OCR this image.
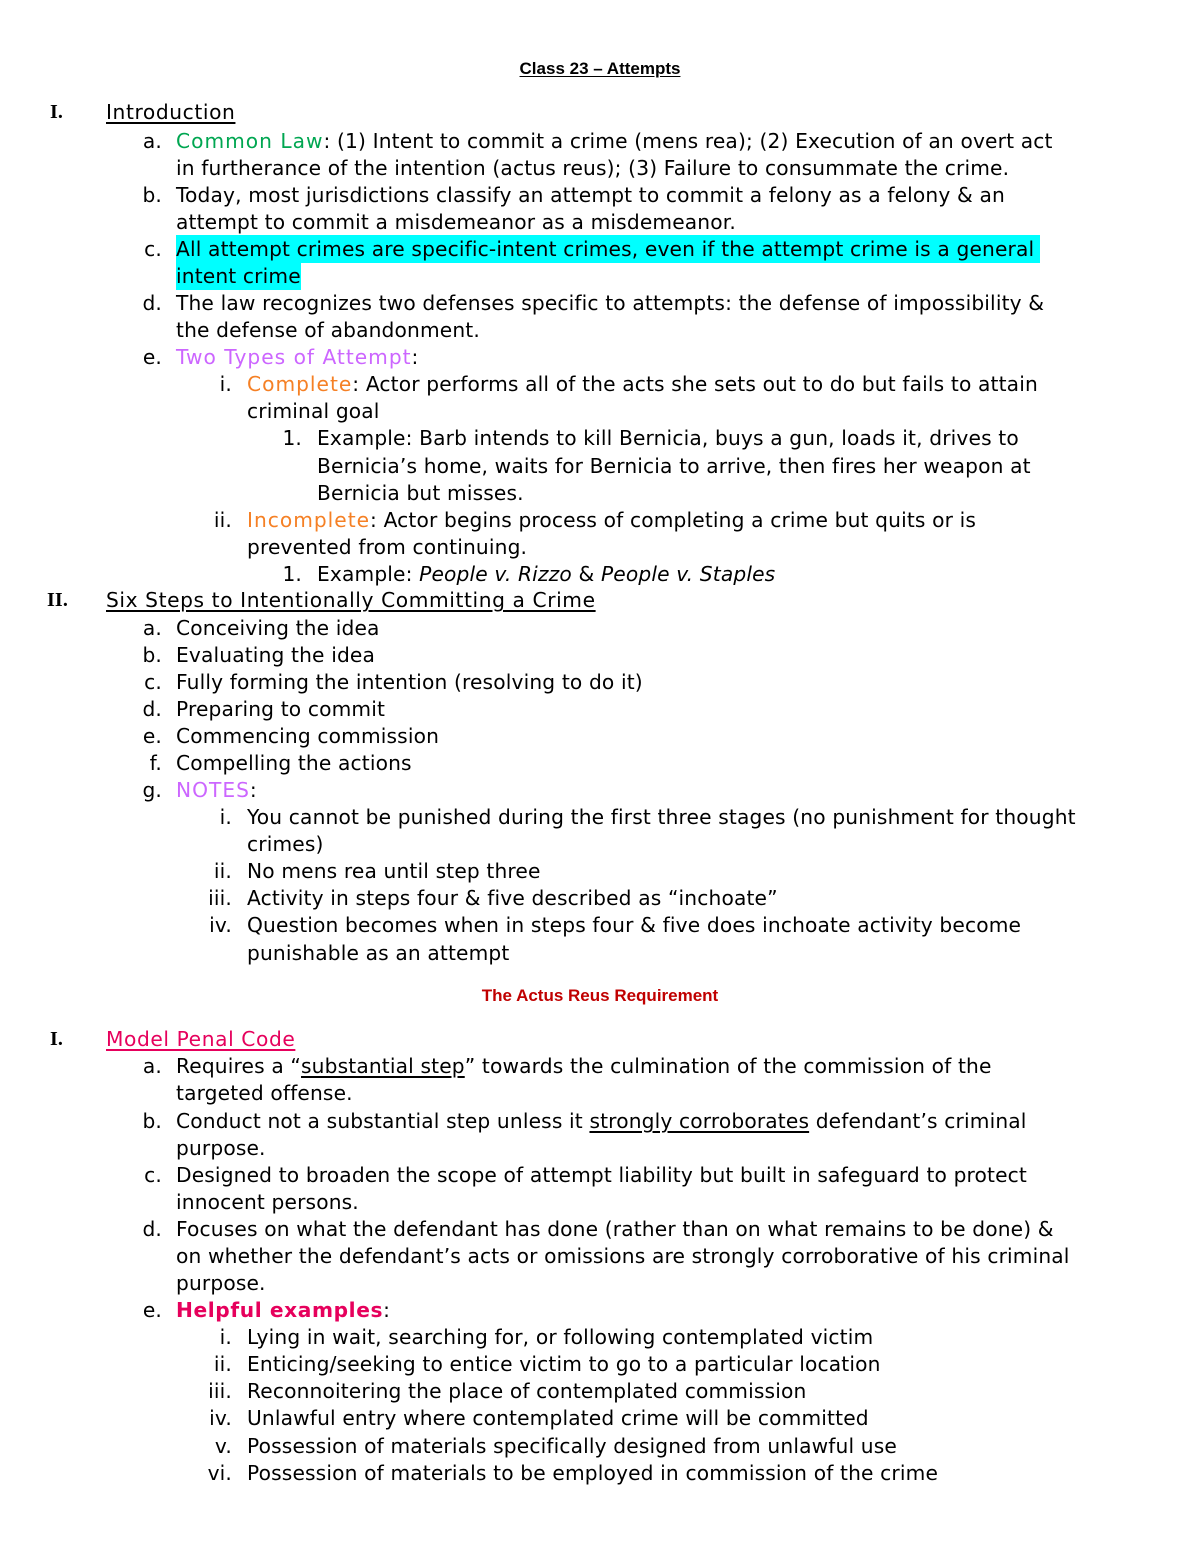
Class 23 – Attempts
I.	Introduction
a. Common Law: (1) Intent to commit a crime (mens rea); (2) Execution of an overt act
in furtherance of the intention (actus reus); (3) Failure to consummate the crime.
b. Today, most jurisdictions classify an attempt to commit a felony as a felony & an
attempt to commit a misdemeanor as a misdemeanor.
c. All attempt crimes are specific-intent crimes, even if the attempt crime is a general
intent crime
d. The law recognizes two defenses specific to attempts: the defense of impossibility &
the defense of abandonment.
e. Two Types of Attempt:
i. Complete: Actor performs all of the acts she sets out to do but fails to attain
criminal goal
1. Example: Barb intends to kill Bernicia, buys a gun, loads it, drives to
Bernicia’s home, waits for Bernicia to arrive, then fires her weapon at
Bernicia but misses.
ii. Incomplete: Actor begins process of completing a crime but quits or is
prevented from continuing.
1. Example: People v. Rizzo & People v. Staples
II.	Six Steps to Intentionally Committing a Crime
a. Conceiving the idea
b. Evaluating the idea
c. Fully forming the intention (resolving to do it)
d. Preparing to commit
e. Commencing commission
f. Compelling the actions
g. NOTES:
i. You cannot be punished during the first three stages (no punishment for thought
crimes)
ii. No mens rea until step three
iii. Activity in steps four & five described as “inchoate”
iv. Question becomes when in steps four & five does inchoate activity become
punishable as an attempt
The Actus Reus Requirement
I.	Model Penal Code
a. Requires a “substantial step” towards the culmination of the commission of the
targeted offense.
b. Conduct not a substantial step unless it strongly corroborates defendant’s criminal
purpose.
c. Designed to broaden the scope of attempt liability but built in safeguard to protect
innocent persons.
d. Focuses on what the defendant has done (rather than on what remains to be done) &
on whether the defendant’s acts or omissions are strongly corroborative of his criminal
purpose.
e. Helpful examples:
i. Lying in wait, searching for, or following contemplated victim
ii. Enticing/seeking to entice victim to go to a particular location
iii. Reconnoitering the place of contemplated commission
iv. Unlawful entry where contemplated crime will be committed
v. Possession of materials specifically designed from unlawful use
vi. Possession of materials to be employed in commission of the crime
